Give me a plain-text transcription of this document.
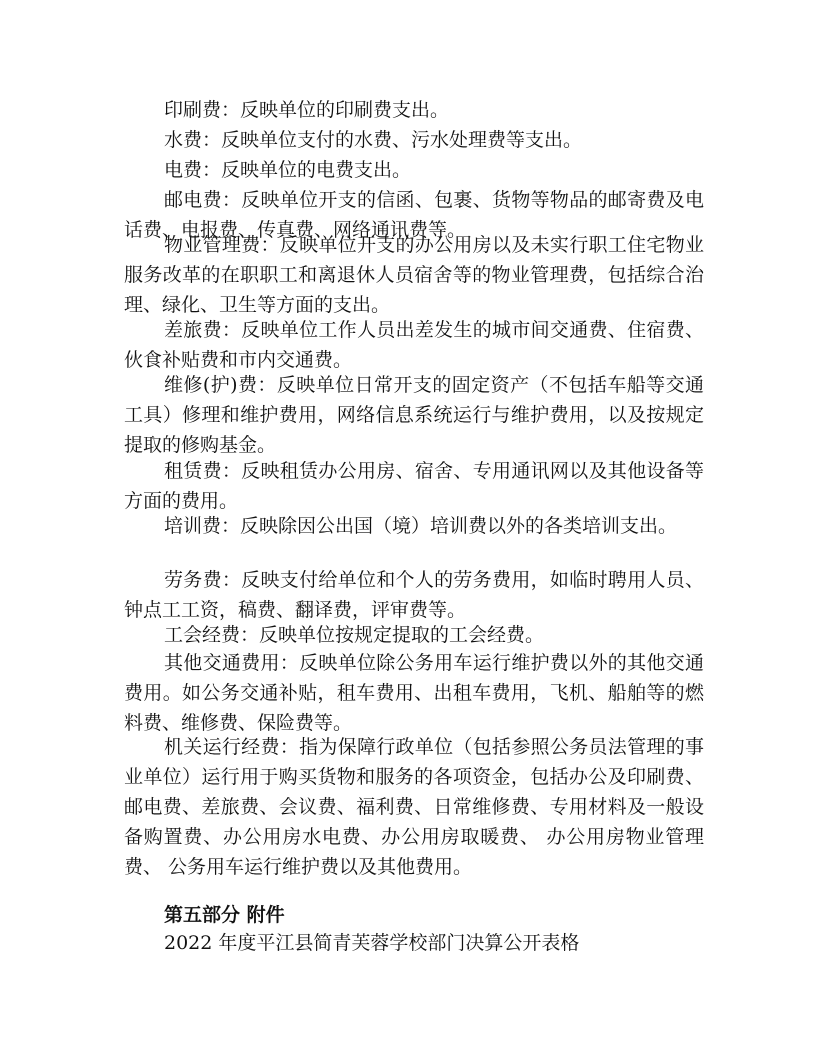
印刷费：反映单位的印刷费支出。

水费：反映单位支付的水费、污水处理费等支出。

电费：反映单位的电费支出。

邮电费：反映单位开支的信函、包裹、货物等物品的邮寄费及电话费、电报费、传真费、网络通讯费等。

物业管理费：反映单位开支的办公用房以及未实行职工住宅物业服务改革的在职职工和离退休人员宿舍等的物业管理费，包括综合治理、绿化、卫生等方面的支出。

差旅费：反映单位工作人员出差发生的城市间交通费、住宿费、伙食补贴费和市内交通费。

维修(护)费：反映单位日常开支的固定资产（不包括车船等交通工具）修理和维护费用，网络信息系统运行与维护费用，以及按规定提取的修购基金。

租赁费：反映租赁办公用房、宿舍、专用通讯网以及其他设备等方面的费用。

培训费：反映除因公出国（境）培训费以外的各类培训支出。

劳务费：反映支付给单位和个人的劳务费用，如临时聘用人员、钟点工工资，稿费、翻译费，评审费等。

工会经费：反映单位按规定提取的工会经费。

其他交通费用：反映单位除公务用车运行维护费以外的其他交通费用。如公务交通补贴，租车费用、出租车费用，飞机、船舶等的燃料费、维修费、保险费等。

机关运行经费：指为保障行政单位（包括参照公务员法管理的事业单位）运行用于购买货物和服务的各项资金，包括办公及印刷费、邮电费、差旅费、会议费、福利费、日常维修费、专用材料及一般设备购置费、办公用房水电费、办公用房取暖费、 办公用房物业管理费、 公务用车运行维护费以及其他费用。

第五部分 附件

2022 年度平江县简青芙蓉学校部门决算公开表格
